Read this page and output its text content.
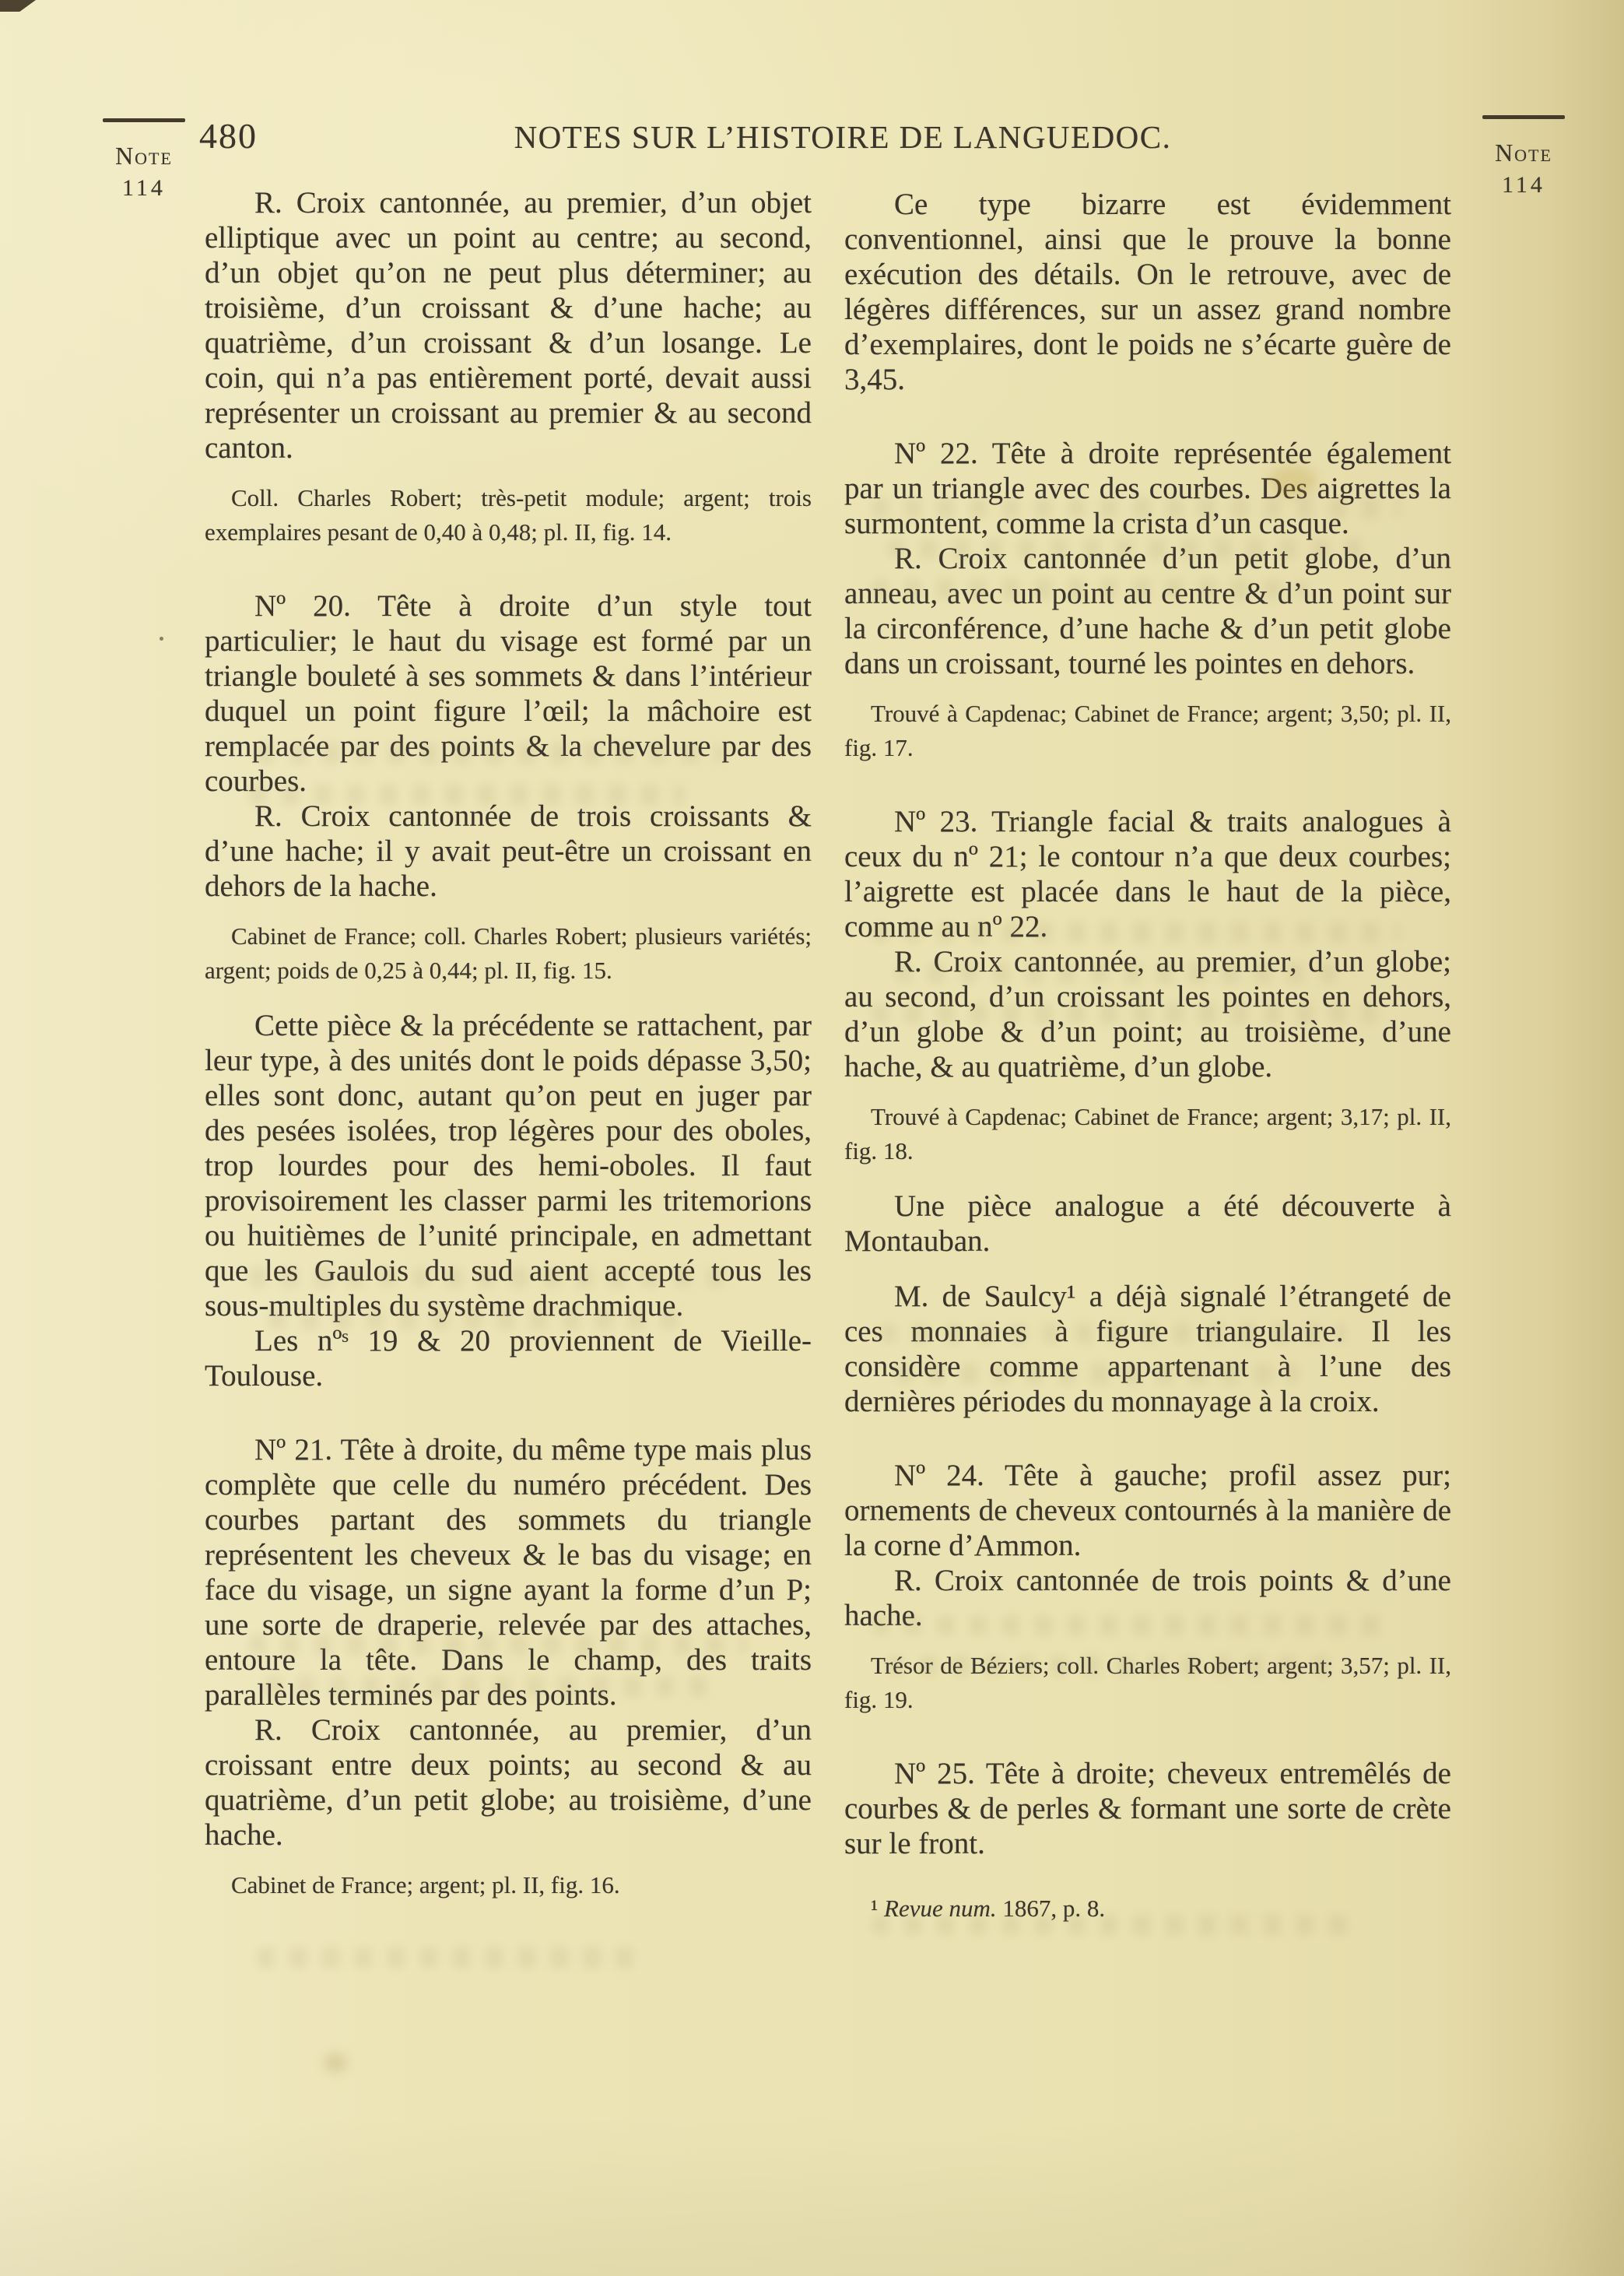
Note
114
480	NOTES SUR L’HISTOIRE DE LANGUEDOC.	Note
114

R. Croix cantonnée, au premier, d’un objet elliptique avec un point au centre; au second, d’un objet qu’on ne peut plus déterminer; au troisième, d’un croissant & d’une hache; au quatrième, d’un croissant & d’un losange. Le coin, qui n’a pas entièrement porté, devait aussi représenter un croissant au premier & au second canton.

Coll. Charles Robert; très-petit module; argent; trois exemplaires pesant de 0,40 à 0,48; pl. II, fig. 14.

Nº 20. Tête à droite d’un style tout particulier; le haut du visage est formé par un triangle bouleté à ses sommets & dans l’intérieur duquel un point figure l’œil; la mâchoire est remplacée par des points & la chevelure par des courbes.

R. Croix cantonnée de trois croissants & d’une hache; il y avait peut-être un croissant en dehors de la hache.

Cabinet de France; coll. Charles Robert; plusieurs variétés; argent; poids de 0,25 à 0,44; pl. II, fig. 15.

Cette pièce & la précédente se rattachent, par leur type, à des unités dont le poids dépasse 3,50; elles sont donc, autant qu’on peut en juger par des pesées isolées, trop légères pour des oboles, trop lourdes pour des hemi-oboles. Il faut provisoirement les classer parmi les tritemorions ou huitièmes de l’unité principale, en admettant que les Gaulois du sud aient accepté tous les sous-multiples du système drachmique.

Les nºˢ 19 & 20 proviennent de Vieille-Toulouse.

Nº 21. Tête à droite, du même type mais plus complète que celle du numéro précédent. Des courbes partant des sommets du triangle représentent les cheveux & le bas du visage; en face du visage, un signe ayant la forme d’un P; une sorte de draperie, relevée par des attaches, entoure la tête. Dans le champ, des traits parallèles terminés par des points.

R. Croix cantonnée, au premier, d’un croissant entre deux points; au second & au quatrième, d’un petit globe; au troisième, d’une hache.

Cabinet de France; argent; pl. II, fig. 16.

Ce type bizarre est évidemment conventionnel, ainsi que le prouve la bonne exécution des détails. On le retrouve, avec de légères différences, sur un assez grand nombre d’exemplaires, dont le poids ne s’écarte guère de 3,45.

Nº 22. Tête à droite représentée également par un triangle avec des courbes. Des aigrettes la surmontent, comme la crista d’un casque.

R. Croix cantonnée d’un petit globe, d’un anneau, avec un point au centre & d’un point sur la circonférence, d’une hache & d’un petit globe dans un croissant, tourné les pointes en dehors.

Trouvé à Capdenac; Cabinet de France; argent; 3,50; pl. II, fig. 17.

Nº 23. Triangle facial & traits analogues à ceux du nº 21; le contour n’a que deux courbes; l’aigrette est placée dans le haut de la pièce, comme au nº 22.

R. Croix cantonnée, au premier, d’un globe; au second, d’un croissant les pointes en dehors, d’un globe & d’un point; au troisième, d’une hache, & au quatrième, d’un globe.

Trouvé à Capdenac; Cabinet de France; argent; 3,17; pl. II, fig. 18.

Une pièce analogue a été découverte à Montauban.

M. de Saulcy¹ a déjà signalé l’étrangeté de ces monnaies à figure triangulaire. Il les considère comme appartenant à l’une des dernières périodes du monnayage à la croix.

Nº 24. Tête à gauche; profil assez pur; ornements de cheveux contournés à la manière de la corne d’Ammon.

R. Croix cantonnée de trois points & d’une hache.

Trésor de Béziers; coll. Charles Robert; argent; 3,57; pl. II, fig. 19.

Nº 25. Tête à droite; cheveux entremêlés de courbes & de perles & formant une sorte de crète sur le front.

¹ Revue num. 1867, p. 8.
